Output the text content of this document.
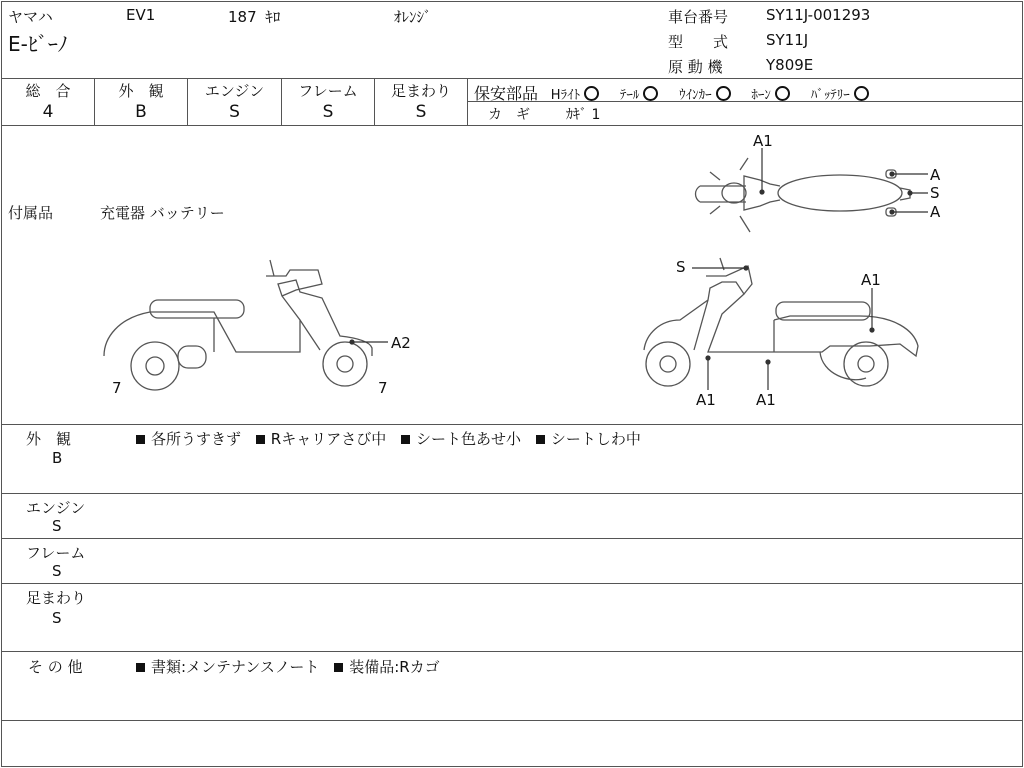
ヤマハ	EV1	187 ｷﾛ	ｵﾚﾝｼﾞ
E-ﾋﾞｰﾉ
車台番号	SY11J-001293
型　　式	SY11J
原 動 機	Y809E
総　合
4
外　観
B
エンジン
S
フレーム
S
足まわり
S
保安部品 Hﾗｲﾄ	ﾃｰﾙ	ｳｲﾝｶｰ	ﾎｰﾝ	ﾊﾞｯﾃﾘｰ
カ　ギ	ｶｷﾞ 1
付属品	充電器 バッテリー
A2
7	7
A1
A
S
A
S
A1
A1	A1
外　観
B
各所うすきず Rキャリアさび中 シート色あせ小 シートしわ中
エンジン
S
フレーム
S
足まわり
S
そ の 他	書類:メンテナンスノート 装備品:Rカゴ
